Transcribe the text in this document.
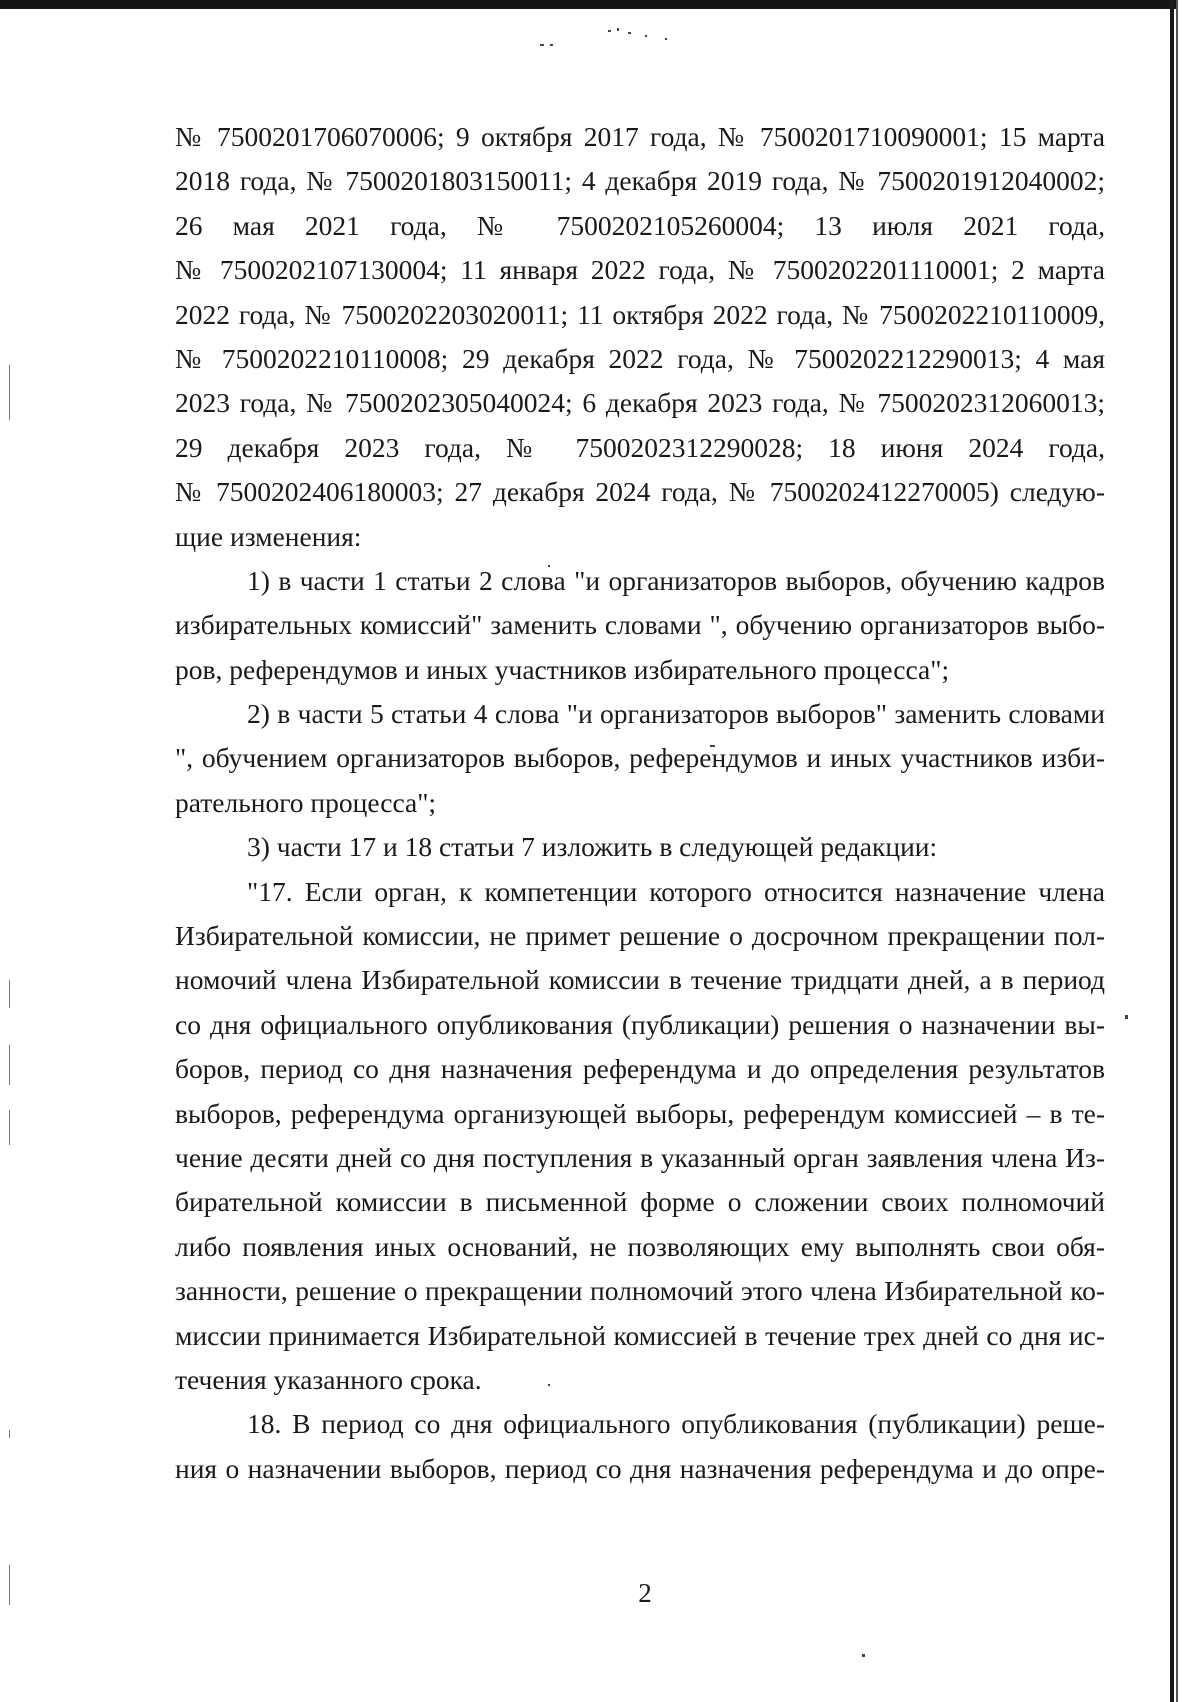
№ 7500201706070006; 9 октября 2017 года, № 7500201710090001; 15 марта
2018 года, № 7500201803150011; 4 декабря 2019 года, № 7500201912040002;
26 мая 2021 года, № 7500202105260004; 13 июля 2021 года,
№ 7500202107130004; 11 января 2022 года, № 7500202201110001; 2 марта
2022 года, № 7500202203020011; 11 октября 2022 года, № 7500202210110009,
№ 7500202210110008; 29 декабря 2022 года, № 7500202212290013; 4 мая
2023 года, № 7500202305040024; 6 декабря 2023 года, № 7500202312060013;
29 декабря 2023 года, № 7500202312290028; 18 июня 2024 года,
№ 7500202406180003; 27 декабря 2024 года, № 7500202412270005) следую-
щие изменения:
1) в части 1 статьи 2 слова "и организаторов выборов, обучению кадров
избирательных комиссий" заменить словами ", обучению организаторов выбо-
ров, референдумов и иных участников избирательного процесса";
2) в части 5 статьи 4 слова "и организаторов выборов" заменить словами
", обучением организаторов выборов, референдумов и иных участников изби-
рательного процесса";
3) части 17 и 18 статьи 7 изложить в следующей редакции:
"17. Если орган, к компетенции которого относится назначение члена
Избирательной комиссии, не примет решение о досрочном прекращении пол-
номочий члена Избирательной комиссии в течение тридцати дней, а в период
со дня официального опубликования (публикации) решения о назначении вы-
боров, период со дня назначения референдума и до определения результатов
выборов, референдума организующей выборы, референдум комиссией – в те-
чение десяти дней со дня поступления в указанный орган заявления члена Из-
бирательной комиссии в письменной форме о сложении своих полномочий
либо появления иных оснований, не позволяющих ему выполнять свои обя-
занности, решение о прекращении полномочий этого члена Избирательной ко-
миссии принимается Избирательной комиссией в течение трех дней со дня ис-
течения указанного срока.
18. В период со дня официального опубликования (публикации) реше-
ния о назначении выборов, период со дня назначения референдума и до опре-
2
